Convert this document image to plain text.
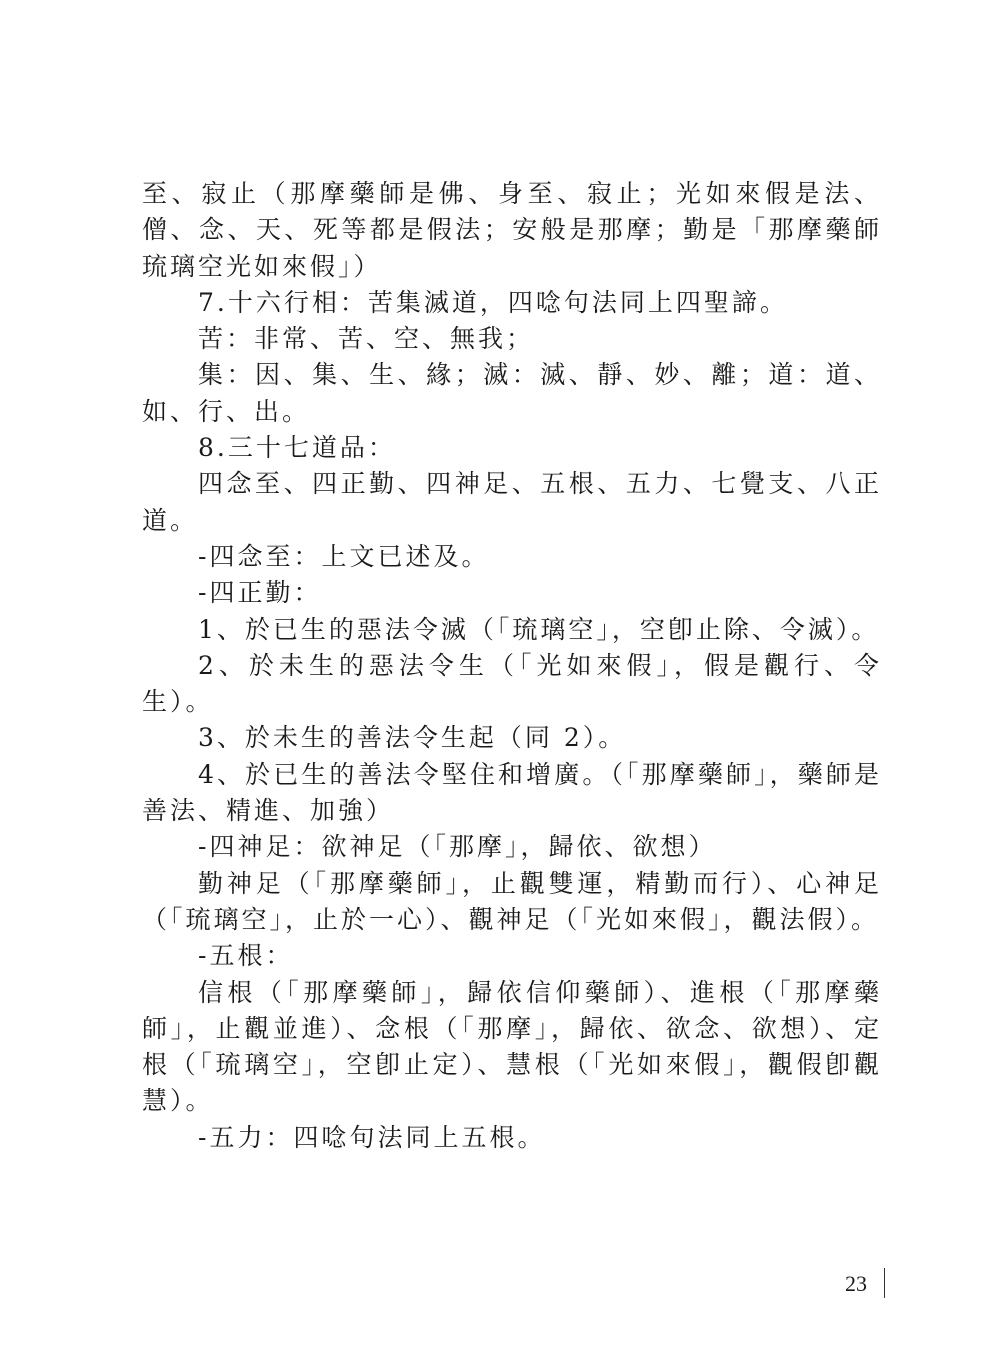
至、寂止（那摩藥師是佛、身至、寂止；光如來假是法、僧、念、天、死等都是假法；安般是那摩；勤是「那摩藥師琉璃空光如來假」）

7.十六行相：苦集滅道，四唸句法同上四聖諦。

苦：非常、苦、空、無我；

集：因、集、生、緣；滅：滅、靜、妙、離；道：道、如、行、出。

8.三十七道品：

四念至、四正勤、四神足、五根、五力、七覺支、八正道。

-四念至：上文已述及。

-四正勤：

1、於已生的惡法令滅（「琉璃空」，空卽止除、令滅）。

2、於未生的惡法令生（「光如來假」，假是觀行、令生）。

3、於未生的善法令生起（同 2）。

4、於已生的善法令堅住和增廣。（「那摩藥師」，藥師是善法、精進、加強）

-四神足：欲神足（「那摩」，歸依、欲想）

勤神足（「那摩藥師」，止觀雙運，精勤而行）、心神足（「琉璃空」，止於一心）、觀神足（「光如來假」，觀法假）。

-五根：

信根（「那摩藥師」，歸依信仰藥師）、進根（「那摩藥師」，止觀並進）、念根（「那摩」，歸依、欲念、欲想）、定根（「琉璃空」，空卽止定）、慧根（「光如來假」，觀假卽觀慧）。

-五力：四唸句法同上五根。

23
